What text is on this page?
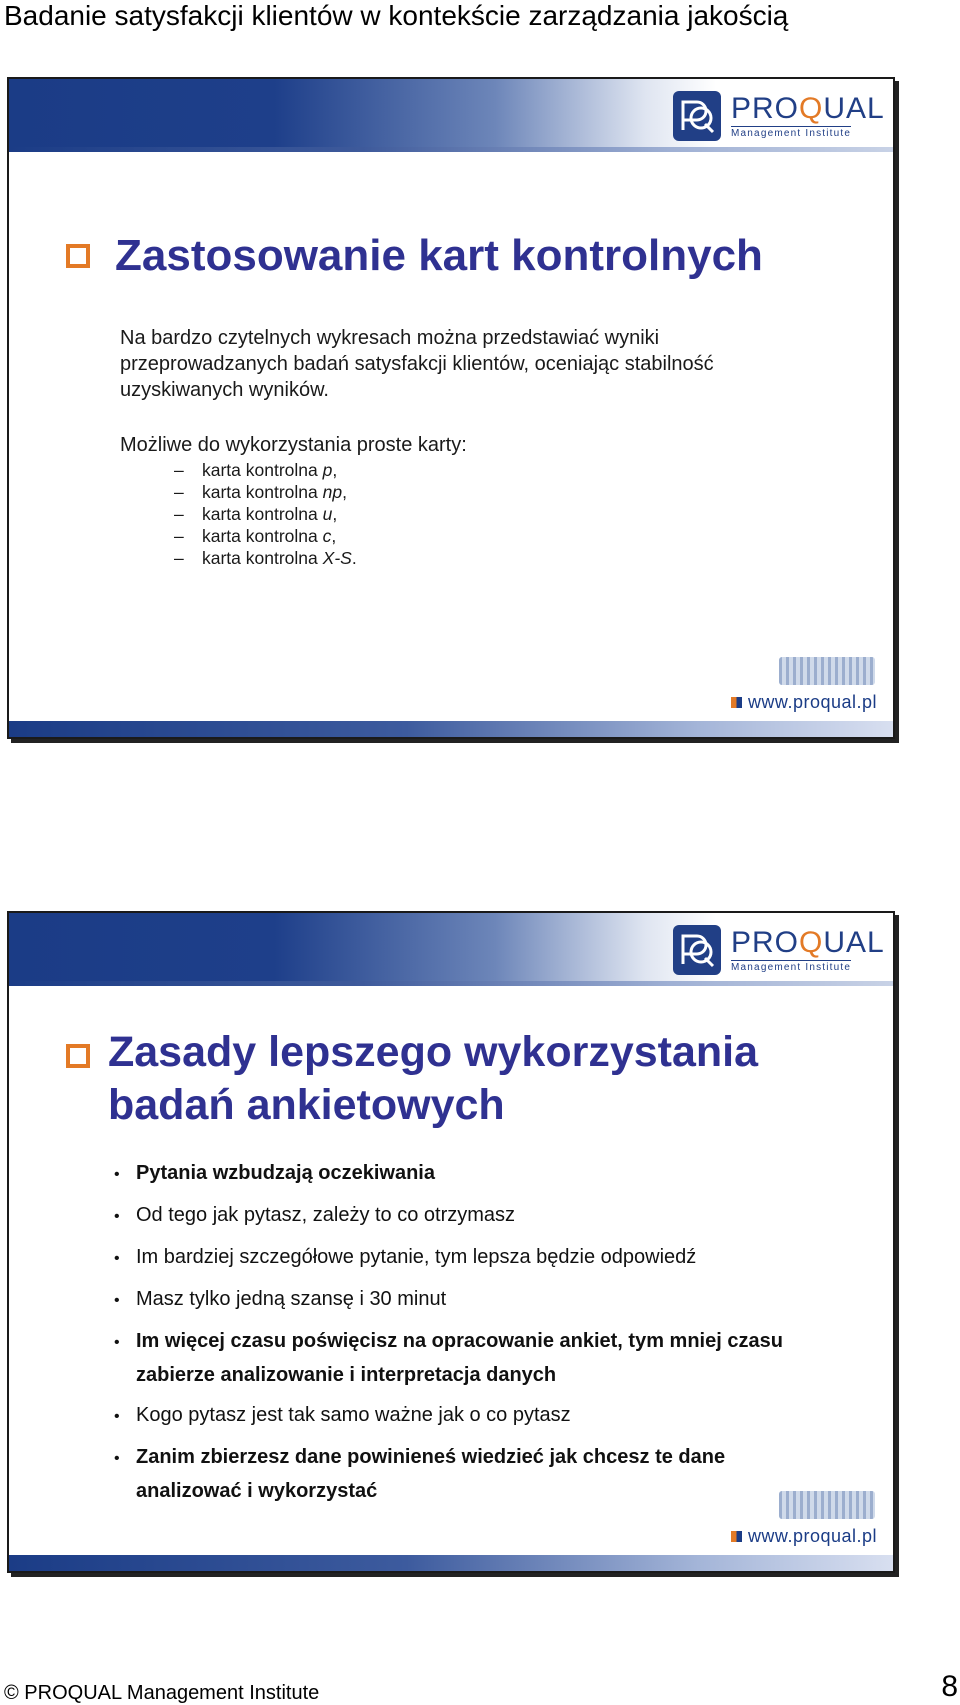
Badanie satysfakcji klientów w kontekście zarządzania jakością
PROQUAL
Management Institute
Zastosowanie kart kontrolnych
Na bardzo czytelnych wykresach można przedstawiać wyniki przeprowadzanych badań satysfakcji klientów, oceniając stabilność uzyskiwanych wyników.
Możliwe do wykorzystania proste karty:
–
karta kontrolna
p ,
–
karta kontrolna
np ,
–
karta kontrolna
u ,
–
karta kontrolna
c ,
–
karta kontrolna
X-S .
www.proqual.pl
PROQUAL
Management Institute
Zasady lepszego wykorzystania badań ankietowych
•
Pytania wzbudzają oczekiwania
•
Od tego jak pytasz, zależy to co otrzymasz
•
Im bardziej szczegółowe pytanie, tym lepsza będzie odpowiedź
•
Masz tylko jedną szansę i 30 minut
•
Im więcej czasu poświęcisz na opracowanie ankiet, tym mniej czasu zabierze analizowanie i interpretacja danych
•
Kogo pytasz jest tak samo ważne jak o co pytasz
•
Zanim zbierzesz dane powinieneś wiedzieć jak chcesz te dane analizować i wykorzystać
www.proqual.pl
© PROQUAL Management Institute	8
